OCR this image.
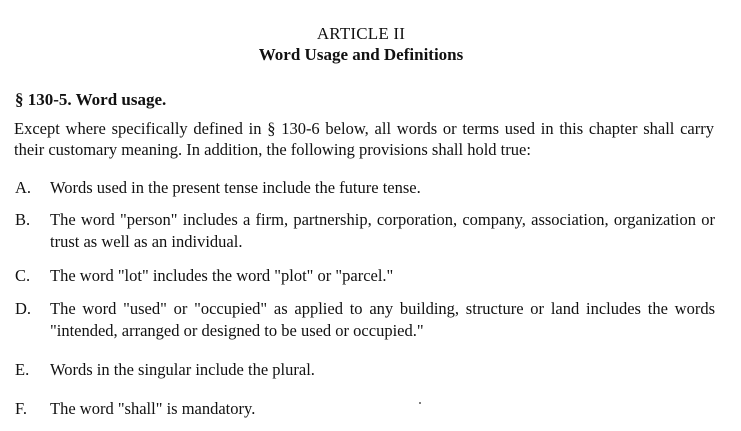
ARTICLE II
Word Usage and Definitions
§ 130-5. Word usage.
Except where specifically defined in § 130-6 below, all words or terms used in this chapter shall carry their customary meaning. In addition, the following provisions shall hold true:
A.	Words used in the present tense include the future tense.
B.	The word "person" includes a firm, partnership, corporation, company, association, organization or trust as well as an individual.
C.	The word "lot" includes the word "plot" or "parcel."
D.	The word "used" or "occupied" as applied to any building, structure or land includes the words "intended, arranged or designed to be used or occupied."
E.	Words in the singular include the plural.
F.	The word "shall" is mandatory.
